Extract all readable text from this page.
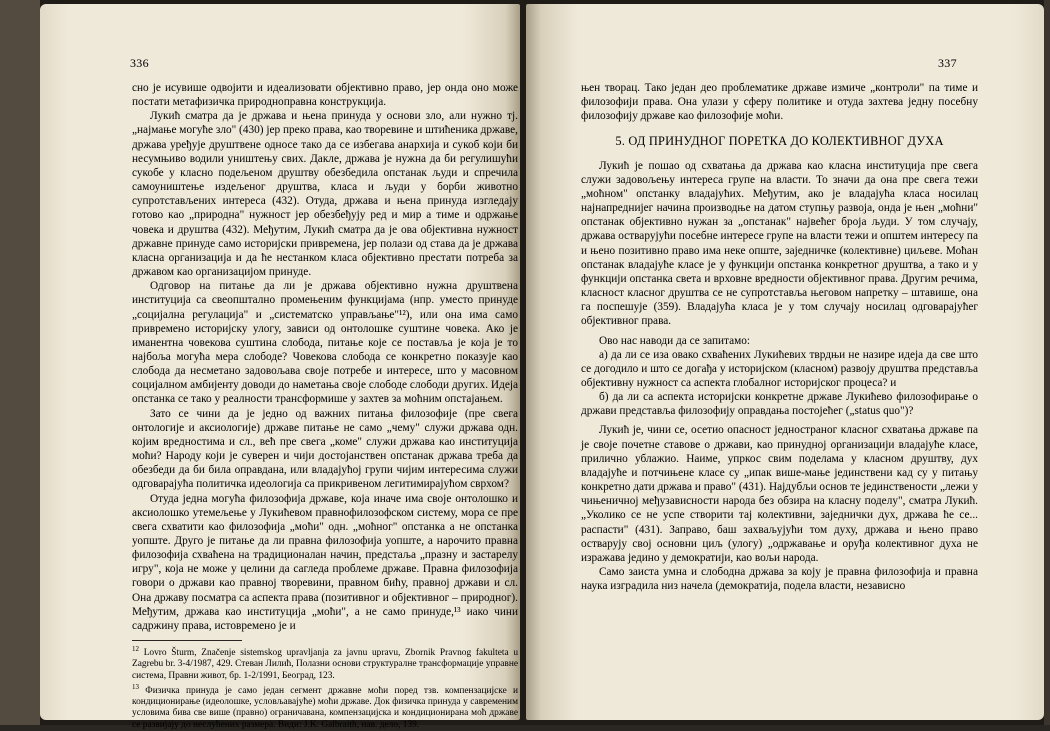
336

сно је исувише одвојити и идеализовати објективно право, јер онда оно може постати метафизичка природноправна конструкција.

Лукић сматра да је држава и њена принуда у основи зло, али нужно тј. „најмање могуће зло" (430) јер преко права, као творевине и штићеника државе, држава уређује друштвене односе тако да се избегава анархија и сукоб који би несумњиво водили уништењу свих. Дакле, држава је нужна да би регулишући сукобе у класно подељеном друштву обезбедила опстанак људи и спречила самоуништење издељеног друштва, класа и људи у борби животно супротстављених интереса (432). Отуда, држава и њена принуда изгледају готово као „природна" нужност јер обезбеђују ред и мир а тиме и одржање човека и друштва (432). Међутим, Лукић сматра да је ова објективна нужност државне принуде само историјски привремена, јер полази од става да је држава класна организација и да ће нестанком класа објективно престати потреба за државом као организацијом принуде.

Одговор на питање да ли је држава објективно нужна друштвена институција са свеопштално промењеним функцијама (нпр. уместо принуде „социјална регулација" и „систематско управљање"¹²), или она има само привремено историјску улогу, зависи од онтолошке суштине човека. Ако је иманентна човекова суштина слобода, питање које се поставља је која је то најбоља могућа мера слободе? Човекова слобода се конкретно показује као слобода да несметано задовољава своје потребе и интересе, што у масовном социјалном амбијенту доводи до наметања своје слободе слободи других. Идеја опстанка се тако у реалности трансформише у захтев за моћним опстајањем.

Зато се чини да је једно од важних питања филозофије (пре свега онтологије и аксиологије) државе питање не само „чему" служи држава одн. којим вредностима и сл., већ пре свега „коме" служи држава као институција моћи? Народу који је суверен и чији достојанствен опстанак држава треба да обезбеди да би била оправдана, или владајућој групи чијим интересима служи одговарајућа политичка идеологија са прикривеном легитимирајућом сврхом?

Отуда једна могућа филозофија државе, која иначе има своје онтолошко и аксиолошко утемељење у Лукићевом правнофилозофском систему, мора се пре свега схватити као филозофија „моћи" одн. „моћног" опстанка а не опстанка уопште. Друго је питање да ли правна филозофија уопште, а нарочито правна филозофија схваћена на традиционалан начин, предстаља „празну и застарелу игру", која не може у целини да сагледа проблеме државе. Правна филозофија говори о држави као правној творевини, правном бићу, правној држави и сл. Она државу посматра са аспекта права (позитивног и објективног – природног). Међутим, држава као институција „моћи", а не само принуде,¹³ иако чини садржину права, истовремено је и

$^{12}$ Lovro Šturm, Značenje sistemskog upravljanja za javnu upravu, Zbornik Pravnog fakulteta u Zagrebu br. 3-4/1987, 429. Стеван Лилић, Полазни основи структуралне трансформације управне системa, Правни живот, бр. 1-2/1991, Београд, 123.

$^{13}$ Физичка принуда је само један сегмент државне моћи поред тзв. компензацијске и кондиционирање (идеолошке, условљавајуће) моћи државе. Док физичка принуда у савременим условима бива све више (правно) ограничавана, компензацијска и кондиционирана моћ државе се развијају до неслућених размера. Види: J.K. Galbraith, нав. дело, 139.

337

њен творац. Тако један део проблематике државе измиче „контроли" па тиме и филозофији права. Она улази у сферу политике и отуда захтева једну посебну филозофију државе као филозофије моћи.

5. ОД ПРИНУДНОГ ПОРЕТКА ДО КОЛЕКТИВНОГ ДУХА

Лукић је пошао од схватања да држава као класна институција пре свега служи задовољењу интереса групе на власти. То значи да она пре свега тежи „моћном" опстанку владајућих. Међутим, ако је владајућа класа носилац најнапреднијег начина производње на датом ступњу развоја, онда је њен „моћни" опстанак објективно нужан за „опстанак" највећег броја људи. У том случају, држава остварујући посебне интересе групе на власти тежи и општем интересу па и њено позитивно право има неке опште, заједничке (колективне) циљеве. Моћан опстанак владајуће класе је у функцији опстанка конкретног друштва, а тако и у функцији опстанка света и врховне вредности објективног права. Другим речима, класност класног друштва се не супротставља његовом напретку – штавише, она га поспешује (359). Владајућа класа је у том случају носилац одговарајућег објективног права.

Ово нас наводи да се запитамо:

а) да ли се иза овако схваћених Лукићевих тврдњи не назире идеја да све што се догодило и што се догађа у историјском (класном) развоју друштва представља објективну нужност са аспекта глобалног историјског процеса? и

б) да ли са аспекта историјски конкретне државе Лукићево филозофирање о држави представља филозофију оправдања постојећег („status quo")?

Лукић је, чини се, осетио опасност једностраног класног схватања државе па је своје почетне ставове о држави, као принудној организацији владајуће класе, прилично ублажио. Наиме, упркос свим поделама у класном друштву, дух владајуће и потчињене класе су „ипак више-мање јединствени кад су у питању конкретно дати држава и право" (431). Најдубљи основ те јединствености „лежи у чињеничној међузависности народа без обзира на класну поделу", сматра Лукић. „Уколико се не успе створити тај колективни, заједнички дух, држава ће се... распасти" (431). Заправо, баш захваљујући том духу, држава и њено право остварују своj основни циљ (улогу) „одржавање и оруђа колективног духа не изражава једино у демократији, као вољи народа.

Само заиста умна и слободна држава за коју је правна филозофија и правна наука изградила низ начела (демократија, подела власти, независно
